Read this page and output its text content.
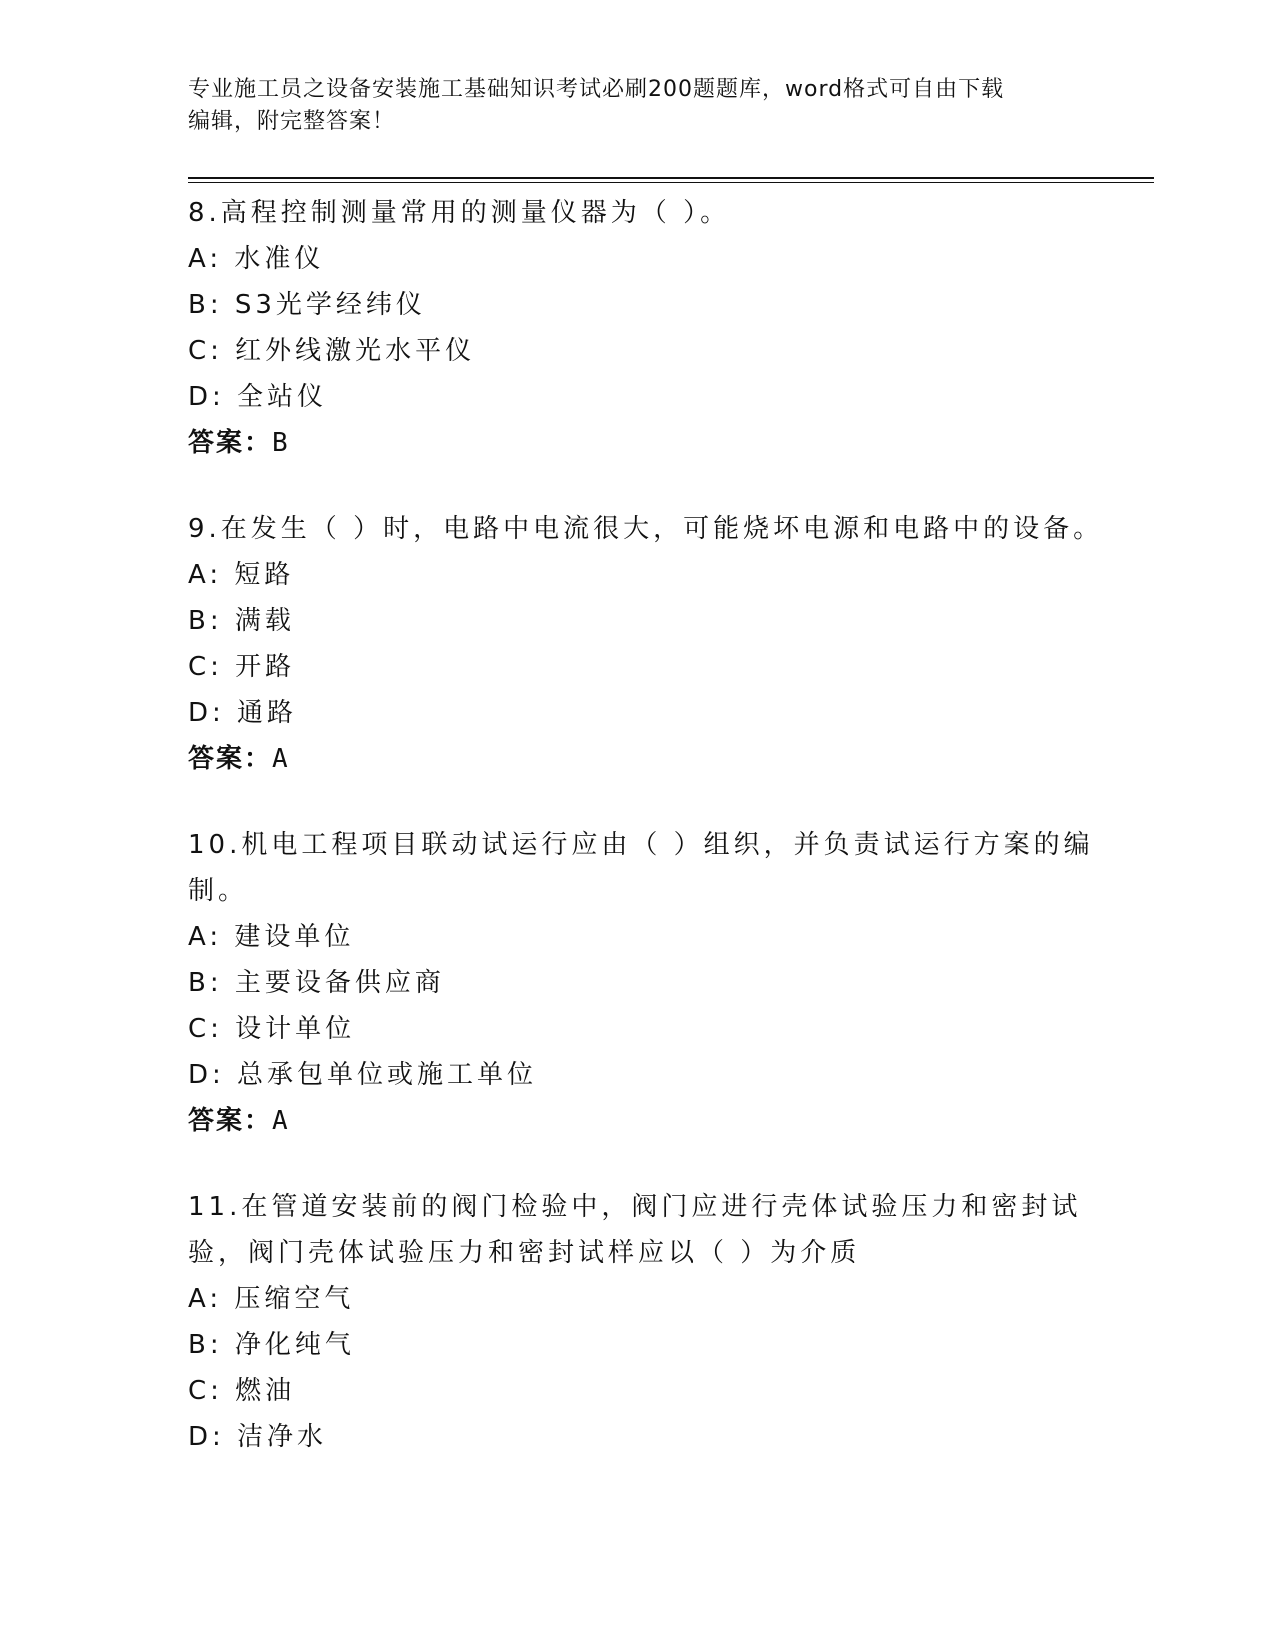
专业施工员之设备安装施工基础知识考试必刷200题题库，word格式可自由下载
编辑，附完整答案！
8.高程控制测量常用的测量仪器为（ ）。
A: 水准仪
B: S3光学经纬仪
C: 红外线激光水平仪
D: 全站仪
答案：B
9.在发生（ ）时，电路中电流很大，可能烧坏电源和电路中的设备。
A: 短路
B: 满载
C: 开路
D: 通路
答案：A
10.机电工程项目联动试运行应由（ ）组织，并负责试运行方案的编制。
A: 建设单位
B: 主要设备供应商
C: 设计单位
D: 总承包单位或施工单位
答案：A
11.在管道安装前的阀门检验中，阀门应进行壳体试验压力和密封试验，阀门壳体试验压力和密封试样应以（ ）为介质
A: 压缩空气
B: 净化纯气
C: 燃油
D: 洁净水
